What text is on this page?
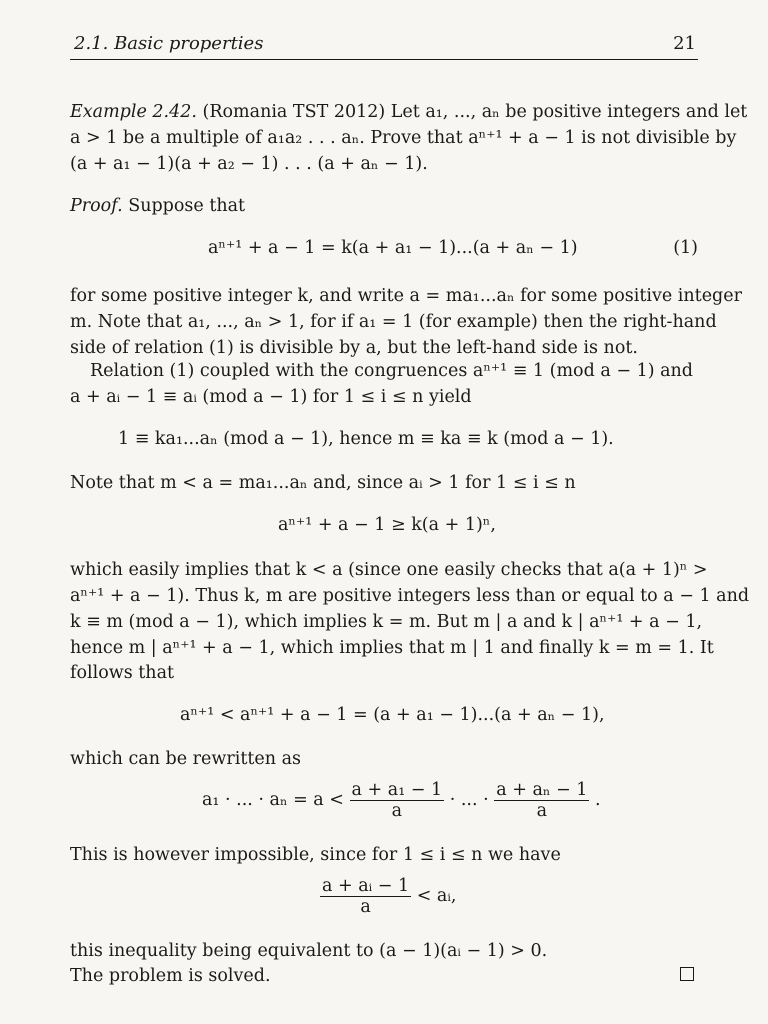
2.1. Basic properties	21
Example 2.42. (Romania TST 2012) Let a₁, ..., aₙ be positive integers and let
a > 1 be a multiple of a₁a₂ . . . aₙ. Prove that aⁿ⁺¹ + a − 1 is not divisible by
(a + a₁ − 1)(a + a₂ − 1) . . . (a + aₙ − 1).
Proof. Suppose that
aⁿ⁺¹ + a − 1 = k(a + a₁ − 1)...(a + aₙ − 1)	(1)
for some positive integer k, and write a = ma₁...aₙ for some positive integer
m. Note that a₁, ..., aₙ > 1, for if a₁ = 1 (for example) then the right-hand
side of relation (1) is divisible by a, but the left-hand side is not.
Relation (1) coupled with the congruences aⁿ⁺¹ ≡ 1 (mod a − 1) and
a + aᵢ − 1 ≡ aᵢ (mod a − 1) for 1 ≤ i ≤ n yield
1 ≡ ka₁...aₙ (mod a − 1), hence m ≡ ka ≡ k (mod a − 1).
Note that m < a = ma₁...aₙ and, since aᵢ > 1 for 1 ≤ i ≤ n
aⁿ⁺¹ + a − 1 ≥ k(a + 1)ⁿ,
which easily implies that k < a (since one easily checks that a(a + 1)ⁿ >
aⁿ⁺¹ + a − 1). Thus k, m are positive integers less than or equal to a − 1 and
k ≡ m (mod a − 1), which implies k = m. But m | a and k | aⁿ⁺¹ + a − 1,
hence m | aⁿ⁺¹ + a − 1, which implies that m | 1 and finally k = m = 1. It
follows that
aⁿ⁺¹ < aⁿ⁺¹ + a − 1 = (a + a₁ − 1)...(a + aₙ − 1),
which can be rewritten as
a₁ · ... · $a_n = a < \frac{\text{a + a₁ − 1}}{a}$ · ... · $\frac{\text{a + aₙ − 1}}{a}$ .
This is however impossible, since for 1 ≤ i ≤ n we have
$\frac{\text{a + aᵢ − 1}}{a}$ < aᵢ,
this inequality being equivalent to (a − 1)(aᵢ − 1) > 0.
The problem is solved.
